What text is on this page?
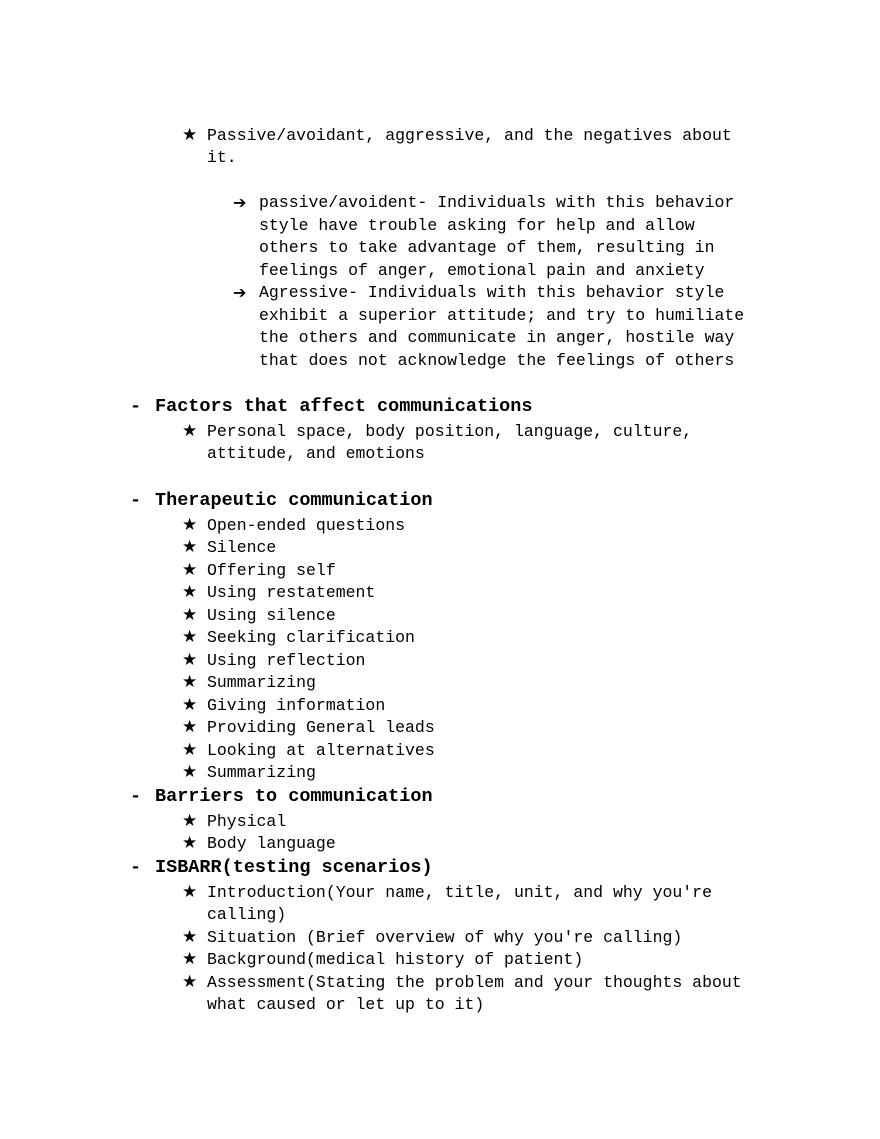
★ Passive/avoidant, aggressive, and the negatives about
it.
➔ passive/avoident- Individuals with this behavior
style have trouble asking for help and allow
others to take advantage of them, resulting in
feelings of anger, emotional pain and anxiety
➔ Agressive- Individuals with this behavior style
exhibit a superior attitude; and try to humiliate
the others and communicate in anger, hostile way
that does not acknowledge the feelings of others
- Factors that affect communications
★ Personal space, body position, language, culture,
attitude, and emotions
- Therapeutic communication
★ Open-ended questions
★ Silence
★ Offering self
★ Using restatement
★ Using silence
★ Seeking clarification
★ Using reflection
★ Summarizing
★ Giving information
★ Providing General leads
★ Looking at alternatives
★ Summarizing
- Barriers to communication
★ Physical
★ Body language
- ISBARR(testing scenarios)
★ Introduction(Your name, title, unit, and why you're
calling)
★ Situation (Brief overview of why you're calling)
★ Background(medical history of patient)
★ Assessment(Stating the problem and your thoughts about
what caused or let up to it)
